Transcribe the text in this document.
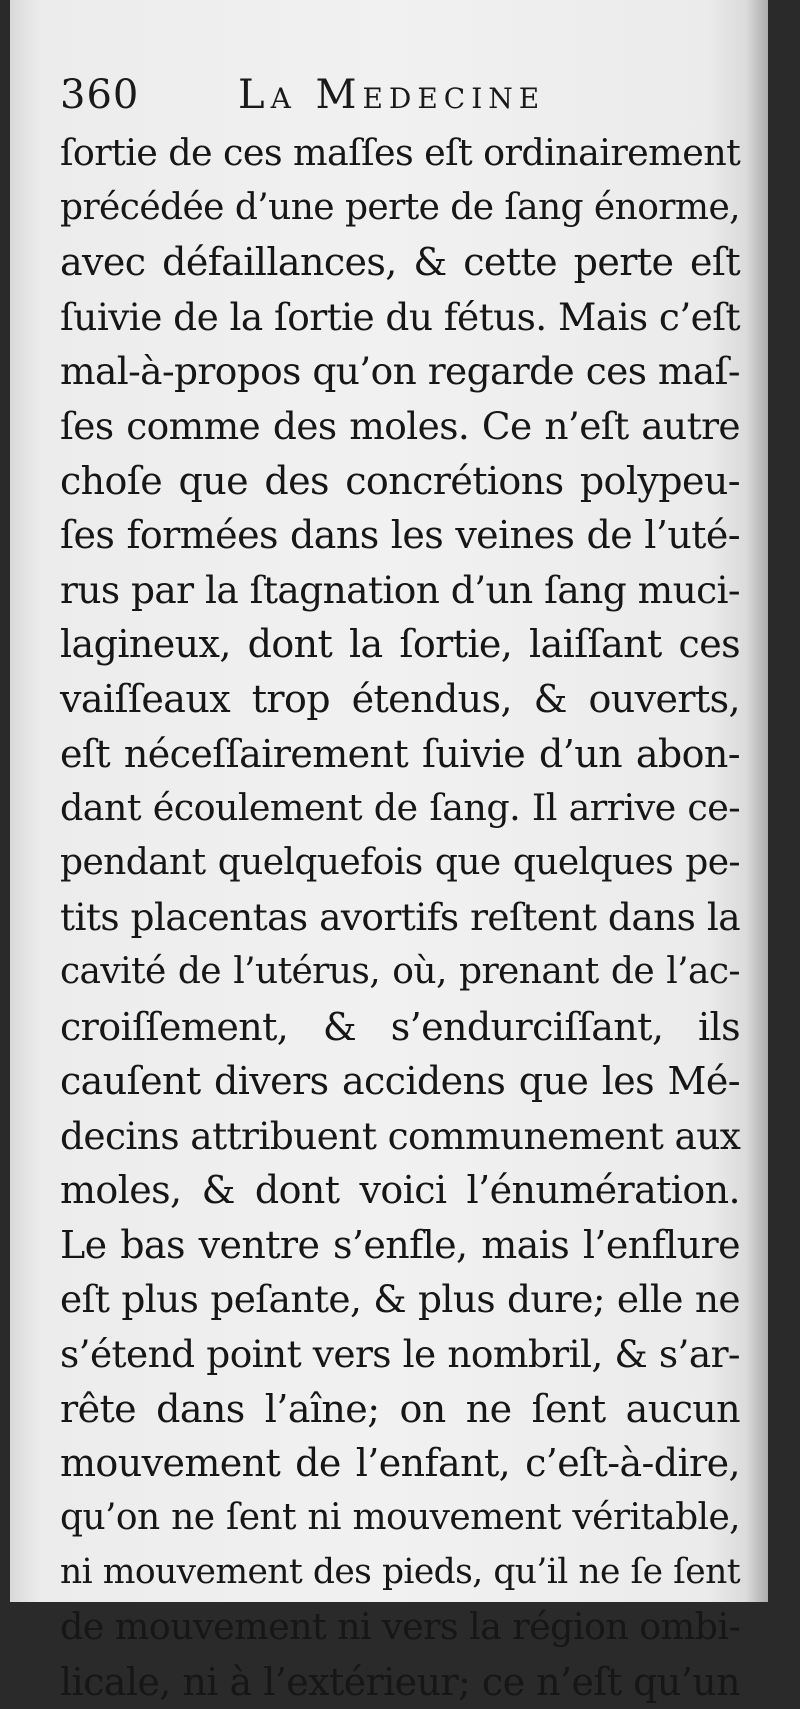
360 La Medecine
ſortie de ces maſſes eſt ordinairement
précédée d’une perte de ſang énorme,
avec défaillances, & cette perte eſt
ſuivie de la ſortie du fétus. Mais c’eſt
mal-à-propos qu’on regarde ces maſ-
ſes comme des moles. Ce n’eſt autre
choſe que des concrétions polypeu-
ſes formées dans les veines de l’uté-
rus par la ſtagnation d’un ſang muci-
lagineux, dont la ſortie, laiſſant ces
vaiſſeaux trop étendus, & ouverts,
eſt néceſſairement ſuivie d’un abon-
dant écoulement de ſang. Il arrive ce-
pendant quelquefois que quelques pe-
tits placentas avortifs reſtent dans la
cavité de l’utérus, où, prenant de l’ac-
croiſſement, & s’endurciſſant, ils
cauſent divers accidens que les Mé-
decins attribuent communement aux
moles, & dont voici l’énumération.
Le bas ventre s’enfle, mais l’enflure
eſt plus peſante, & plus dure; elle ne
s’étend point vers le nombril, & s’ar-
rête dans l’aîne; on ne ſent aucun
mouvement de l’enfant, c’eſt-à-dire,
qu’on ne ſent ni mouvement véritable,
ni mouvement des pieds, qu’il ne ſe ſent
de mouvement ni vers la région ombi-
licale, ni à l’extérieur; ce n’eſt qu’un
